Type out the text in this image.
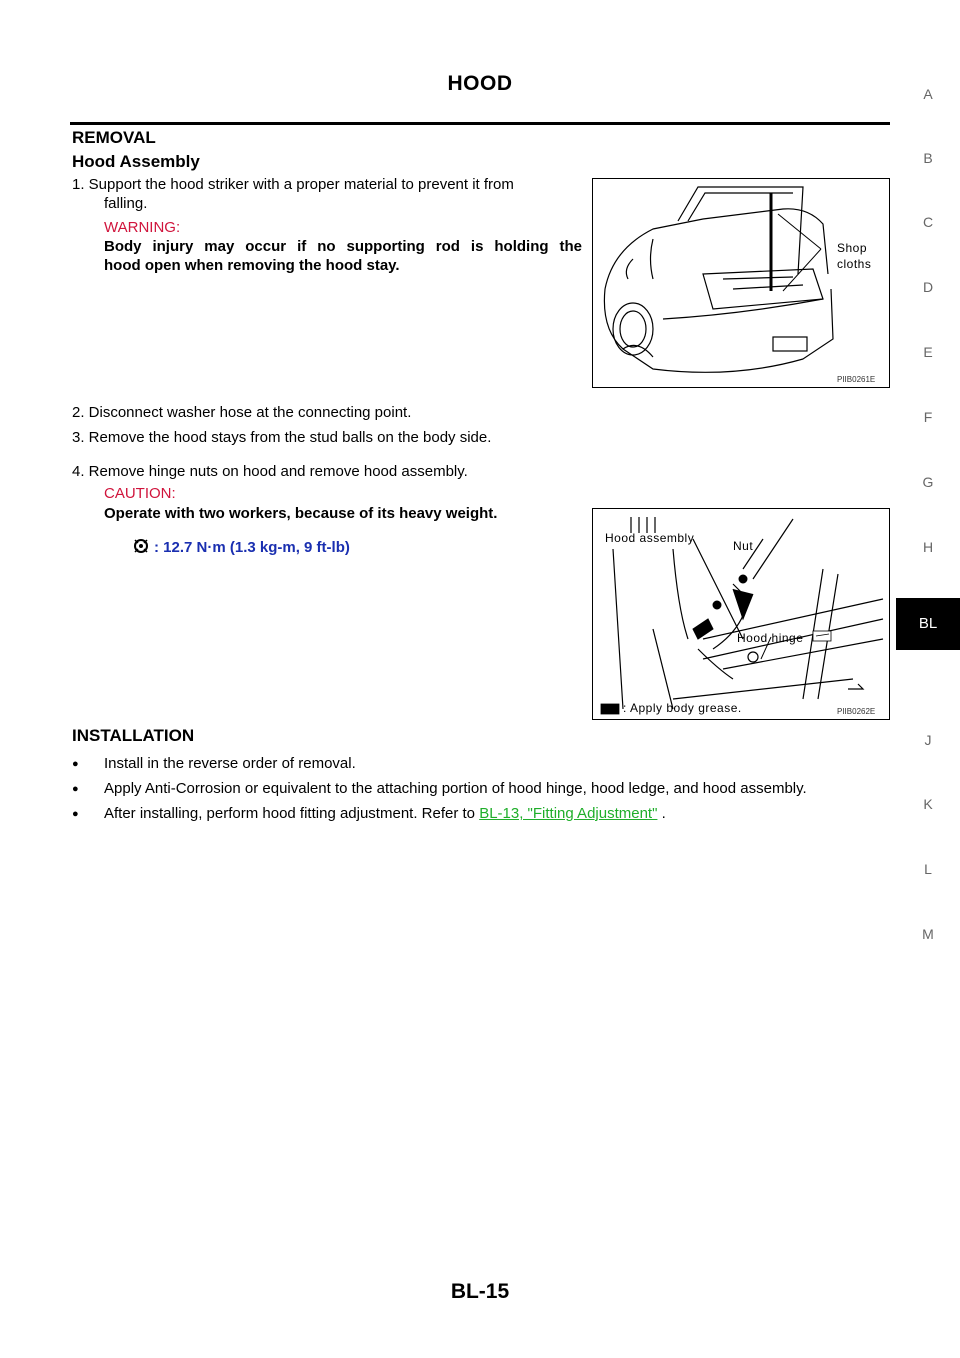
HOOD	A
B
C
D
E
F
G
H
BL
J
K
L
M
REMOVAL
Hood Assembly
1. Support the hood striker with a proper material to prevent it from
falling.
WARNING:
Body injury may occur if no supporting rod is holding the
hood open when removing the hood stay.
2. Disconnect washer hose at the connecting point.
3. Remove the hood stays from the stud balls on the body side.
4. Remove hinge nuts on hood and remove hood assembly.
CAUTION:
Operate with two workers, because of its heavy weight.
: 12.7 N·m (1.3 kg-m, 9 ft-lb)
INSTALLATION
● Install in the reverse order of removal.
● Apply Anti-Corrosion or equivalent to the attaching portion of hood hinge, hood ledge, and hood assembly.
● After installing, perform hood fitting adjustment. Refer to BL-13, "Fitting Adjustment" .
Shop
cloths
PIIB0261E
Hood assembly
Nut
Hood hinge
: Apply body grease.	PIIB0262E
BL-15
